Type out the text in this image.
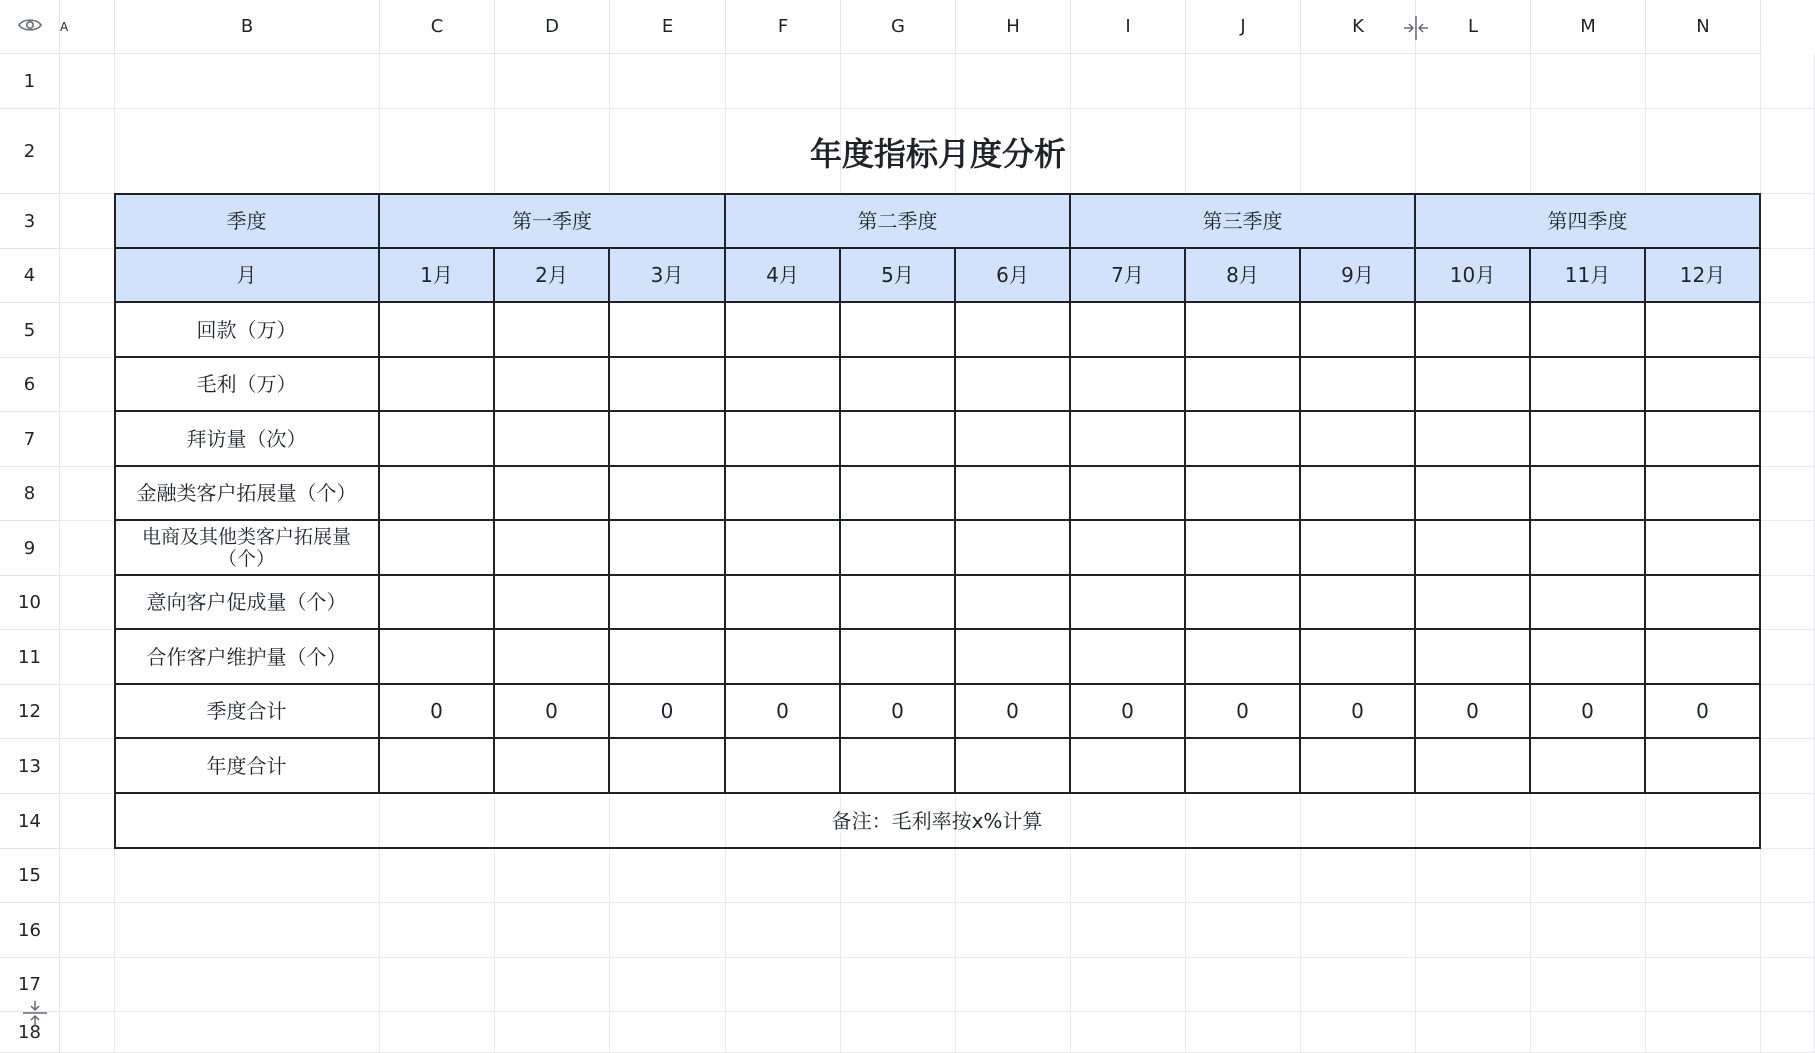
年度指标月度分析
季度	第一季度	第二季度	第三季度	第四季度
月	1月	2月	3月	4月	5月	6月	7月	8月	9月	10月	11月	12月
回款（万）
毛利（万）
拜访量（次）
金融类客户拓展量（个）
电商及其他类客户拓展量（个）
意向客户促成量（个）
合作客户维护量（个）
季度合计	0	0	0	0	0	0	0	0	0	0	0	0
年度合计
备注：毛利率按x%计算
A	B	C	D	E	F	G	H	I	J	K	L	M	N
1
2
3
4
5
6
7
8
9
10
11
12
13
14
15
16
17
18
